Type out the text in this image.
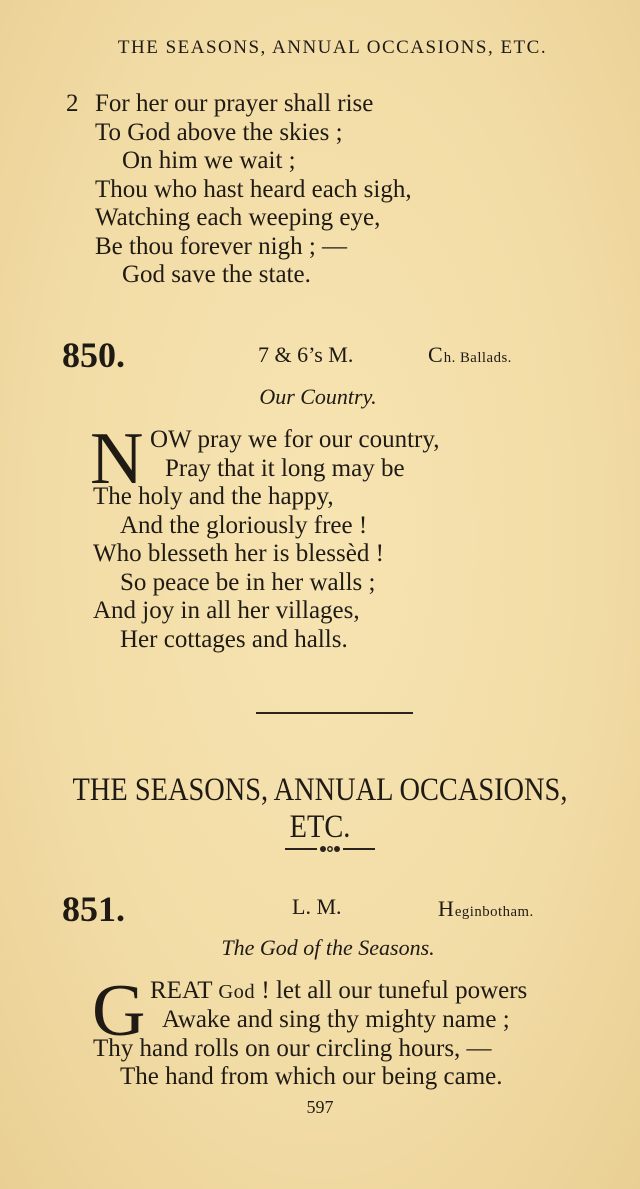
THE SEASONS, ANNUAL OCCASIONS, ETC.
2 For her our prayer shall rise
To God above the skies ;
On him we wait ;
Thou who hast heard each sigh,
Watching each weeping eye,
Be thou forever nigh ; —
God save the state.
850.	7 & 6’s M.	Ch. Ballads.
Our Country.
N OW pray we for our country,
Pray that it long may be
The holy and the happy,
And the gloriously free !
Who blesseth her is blessèd !
So peace be in her walls ;
And joy in all her villages,
Her cottages and halls.
THE SEASONS, ANNUAL OCCASIONS, ETC.
851.	L. M.	Heginbotham.
The God of the Seasons.
G REAT God ! let all our tuneful powers
Awake and sing thy mighty name ;
Thy hand rolls on our circling hours, —
The hand from which our being came.
597
